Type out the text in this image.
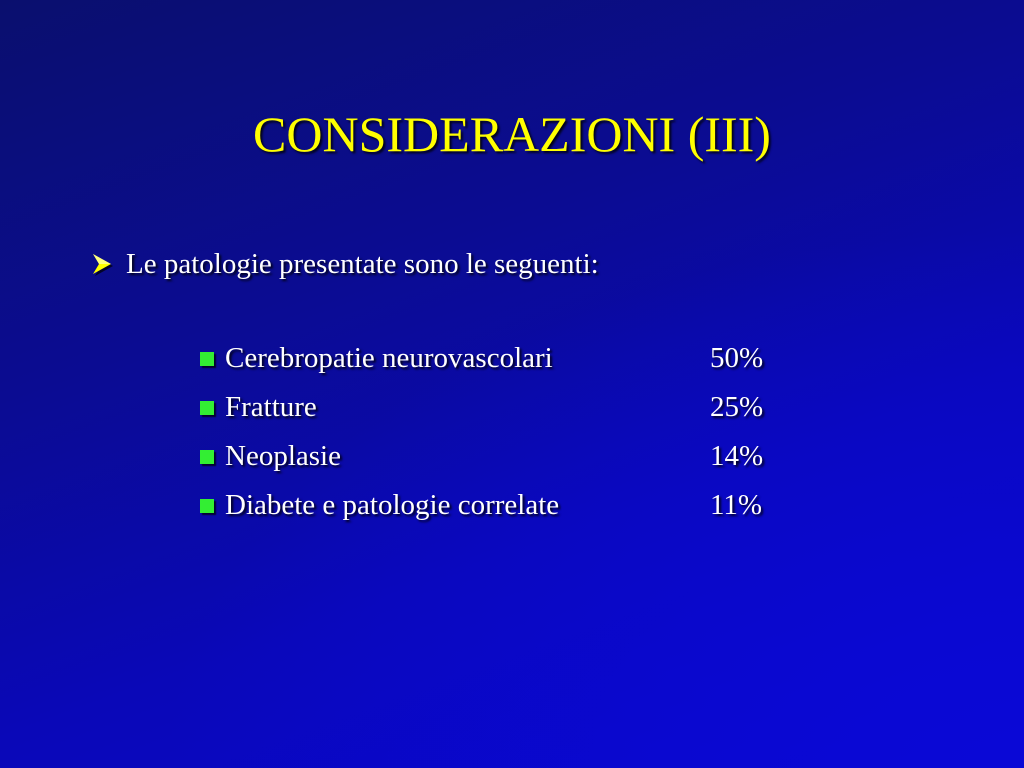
CONSIDERAZIONI (III)
Le patologie presentate sono le seguenti:
Cerebropatie neurovascolari	50%
Fratture	25%
Neoplasie	14%
Diabete e patologie correlate	11%
